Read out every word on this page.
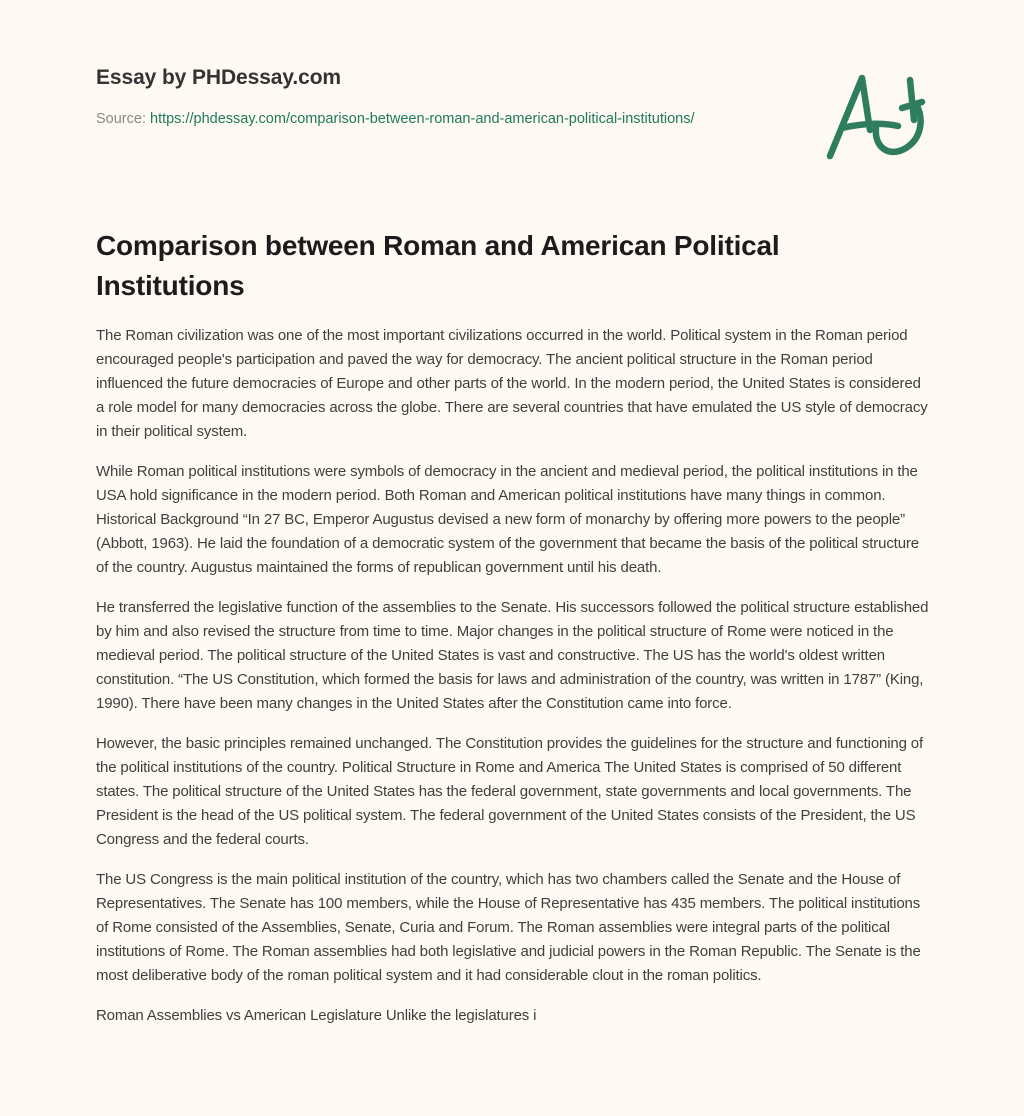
Essay by PHDessay.com
Source: https://phdessay.com/comparison-between-roman-and-american-political-institutions/
Comparison between Roman and American Political Institutions

The Roman civilization was one of the most important civilizations occurred in the world. Political system in the Roman period encouraged people's participation and paved the way for democracy. The ancient political structure in the Roman period influenced the future democracies of Europe and other parts of the world. In the modern period, the United States is considered a role model for many democracies across the globe. There are several countries that have emulated the US style of democracy in their political system.

While Roman political institutions were symbols of democracy in the ancient and medieval period, the political institutions in the USA hold significance in the modern period. Both Roman and American political institutions have many things in common. Historical Background “In 27 BC, Emperor Augustus devised a new form of monarchy by offering more powers to the people” (Abbott, 1963). He laid the foundation of a democratic system of the government that became the basis of the political structure of the country. Augustus maintained the forms of republican government until his death.

He transferred the legislative function of the assemblies to the Senate. His successors followed the political structure established by him and also revised the structure from time to time. Major changes in the political structure of Rome were noticed in the medieval period. The political structure of the United States is vast and constructive. The US has the world's oldest written constitution. “The US Constitution, which formed the basis for laws and administration of the country, was written in 1787” (King, 1990). There have been many changes in the United States after the Constitution came into force.

However, the basic principles remained unchanged. The Constitution provides the guidelines for the structure and functioning of the political institutions of the country. Political Structure in Rome and America The United States is comprised of 50 different states. The political structure of the United States has the federal government, state governments and local governments. The President is the head of the US political system. The federal government of the United States consists of the President, the US Congress and the federal courts.

The US Congress is the main political institution of the country, which has two chambers called the Senate and the House of Representatives. The Senate has 100 members, while the House of Representative has 435 members. The political institutions of Rome consisted of the Assemblies, Senate, Curia and Forum. The Roman assemblies were integral parts of the political institutions of Rome. The Roman assemblies had both legislative and judicial powers in the Roman Republic. The Senate is the most deliberative body of the roman political system and it had considerable clout in the roman politics.

Roman Assemblies vs American Legislature Unlike the legislatures i
